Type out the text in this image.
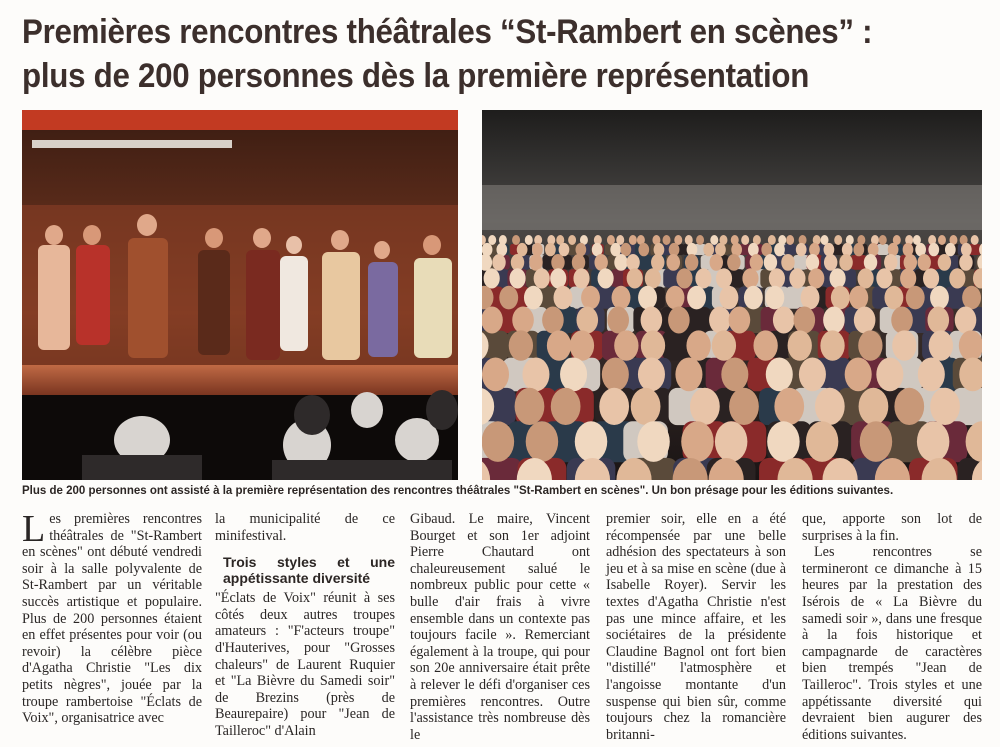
Premières rencontres théâtrales “St-Rambert en scènes” :
plus de 200 personnes dès la première représentation
Plus de 200 personnes ont assisté à la première représentation des rencontres théâtrales "St-Rambert en scènes". Un bon présage pour les éditions suivantes.

Les premières rencontres théâtrales de "St-Rambert en scènes" ont débuté vendredi soir à la salle polyvalente de St-Rambert par un véritable succès artistique et populaire. Plus de 200 personnes étaient en effet présentes pour voir (ou revoir) la célèbre pièce d'Agatha Christie "Les dix petits nègres", jouée par la troupe rambertoise "Éclats de Voix", organisatrice avec

la municipalité de ce minifestival.

Trois styles et une appétissante diversité

"Éclats de Voix" réunit à ses côtés deux autres troupes amateurs : "F'acteurs troupe" d'Hauterives, pour "Grosses chaleurs" de Laurent Ruquier et "La Bièvre du Samedi soir" de Brezins (près de Beaurepaire) pour "Jean de Tailleroc" d'Alain

Gibaud. Le maire, Vincent Bourget et son 1er adjoint Pierre Chautard ont chaleureusement salué le nombreux public pour cette « bulle d'air frais à vivre ensemble dans un contexte pas toujours facile ». Remerciant également à la troupe, qui pour son 20e anniversaire était prête à relever le défi d'organiser ces premières rencontres. Outre l'assistance très nombreuse dès le

premier soir, elle en a été récompensée par une belle adhésion des spectateurs à son jeu et à sa mise en scène (due à Isabelle Royer). Servir les textes d'Agatha Christie n'est pas une mince affaire, et les sociétaires de la présidente Claudine Bagnol ont fort bien "distillé" l'atmosphère et l'angoisse montante d'un suspense qui bien sûr, comme toujours chez la romancière britanni-

que, apporte son lot de surprises à la fin.

Les rencontres se termineront ce dimanche à 15 heures par la prestation des Isérois de « La Bièvre du samedi soir », dans une fresque à la fois historique et campagnarde de caractères bien trempés "Jean de Tailleroc". Trois styles et une appétissante diversité qui devraient bien augurer des éditions suivantes.
